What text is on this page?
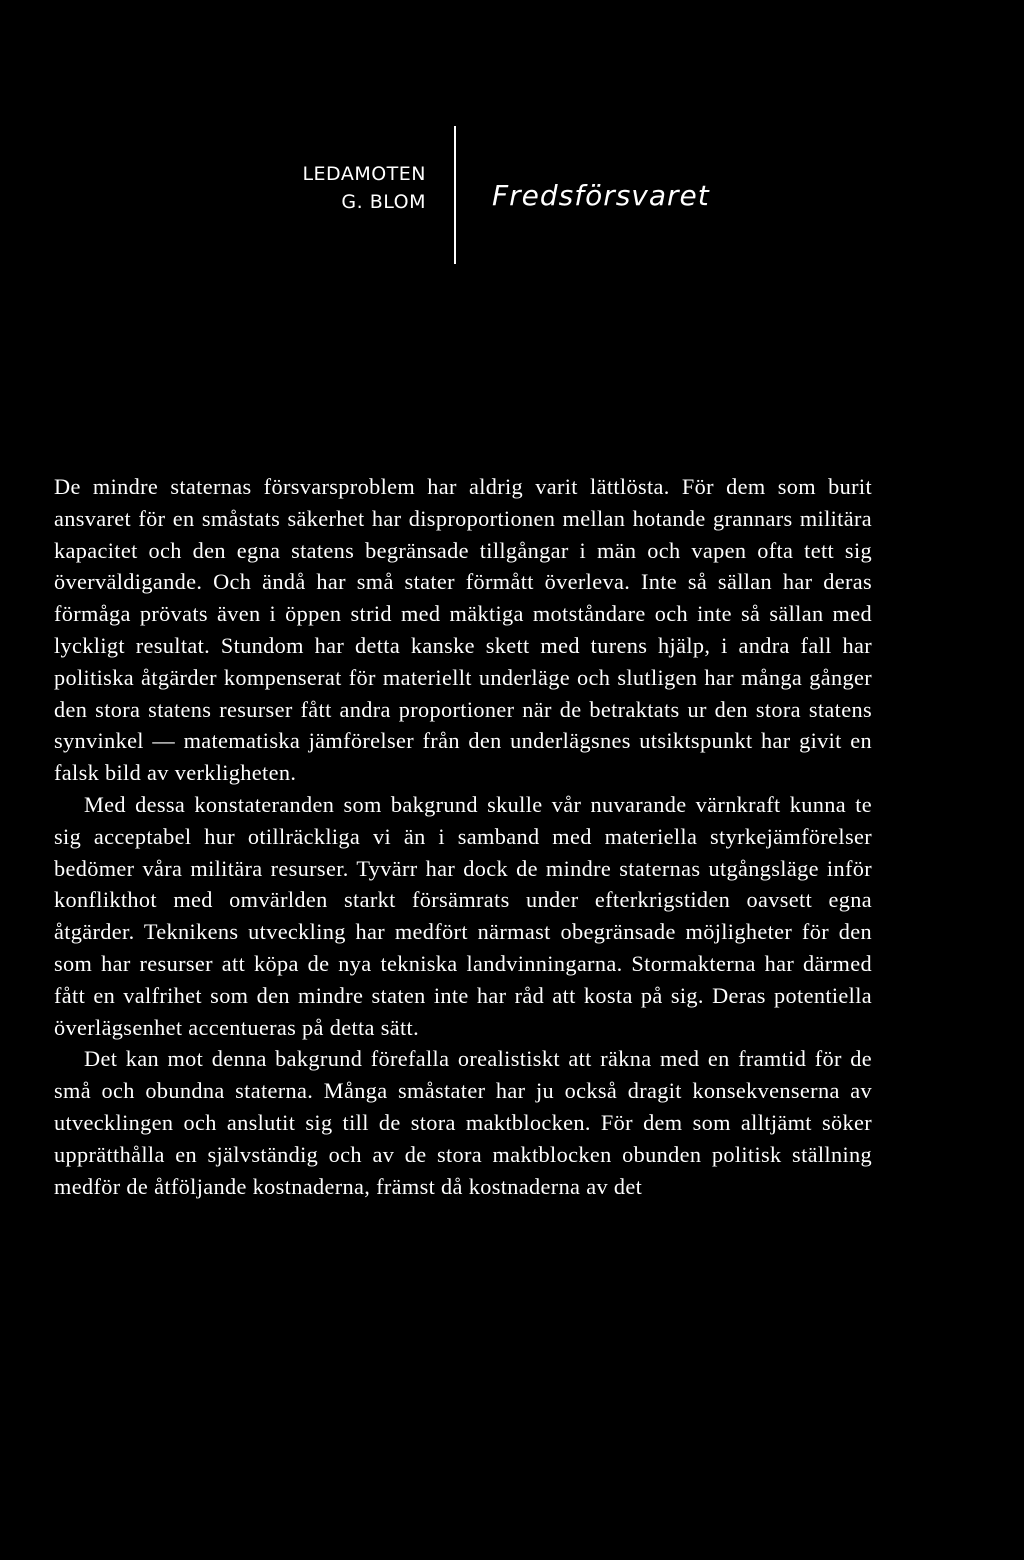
LEDAMOTEN
G. BLOM Fredsförsvaret

De mindre staternas försvarsproblem har aldrig varit lättlösta. För dem som burit ansvaret för en småstats säkerhet har disproportionen mellan hotande grannars militära kapacitet och den egna statens begränsade tillgångar i män och vapen ofta tett sig överväldigande. Och ändå har små stater förmått överleva. Inte så sällan har deras förmåga prövats även i öppen strid med mäktiga motståndare och inte så sällan med lyckligt resultat. Stundom har detta kanske skett med turens hjälp, i andra fall har politiska åtgärder kompenserat för materiellt underläge och slutligen har många gånger den stora statens resurser fått andra proportioner när de betraktats ur den stora statens synvinkel — matematiska jämförelser från den underlägsnes utsiktspunkt har givit en falsk bild av verkligheten.

Med dessa konstateranden som bakgrund skulle vår nuvarande värnkraft kunna te sig acceptabel hur otillräckliga vi än i samband med materiella styrkejämförelser bedömer våra militära resurser. Tyvärr har dock de mindre staternas utgångsläge inför konflikthot med omvärlden starkt försämrats under efterkrigstiden oavsett egna åtgärder. Teknikens utveckling har medfört närmast obegränsade möjligheter för den som har resurser att köpa de nya tekniska landvinningarna. Stormakterna har därmed fått en valfrihet som den mindre staten inte har råd att kosta på sig. Deras potentiella överlägsenhet accentueras på detta sätt.

Det kan mot denna bakgrund förefalla orealistiskt att räkna med en framtid för de små och obundna staterna. Många småstater har ju också dragit konsekvenserna av utvecklingen och anslutit sig till de stora maktblocken. För dem som alltjämt söker upprätthålla en självständig och av de stora maktblocken obunden politisk ställning medför de åtföljande kostnaderna, främst då kostnaderna av det
